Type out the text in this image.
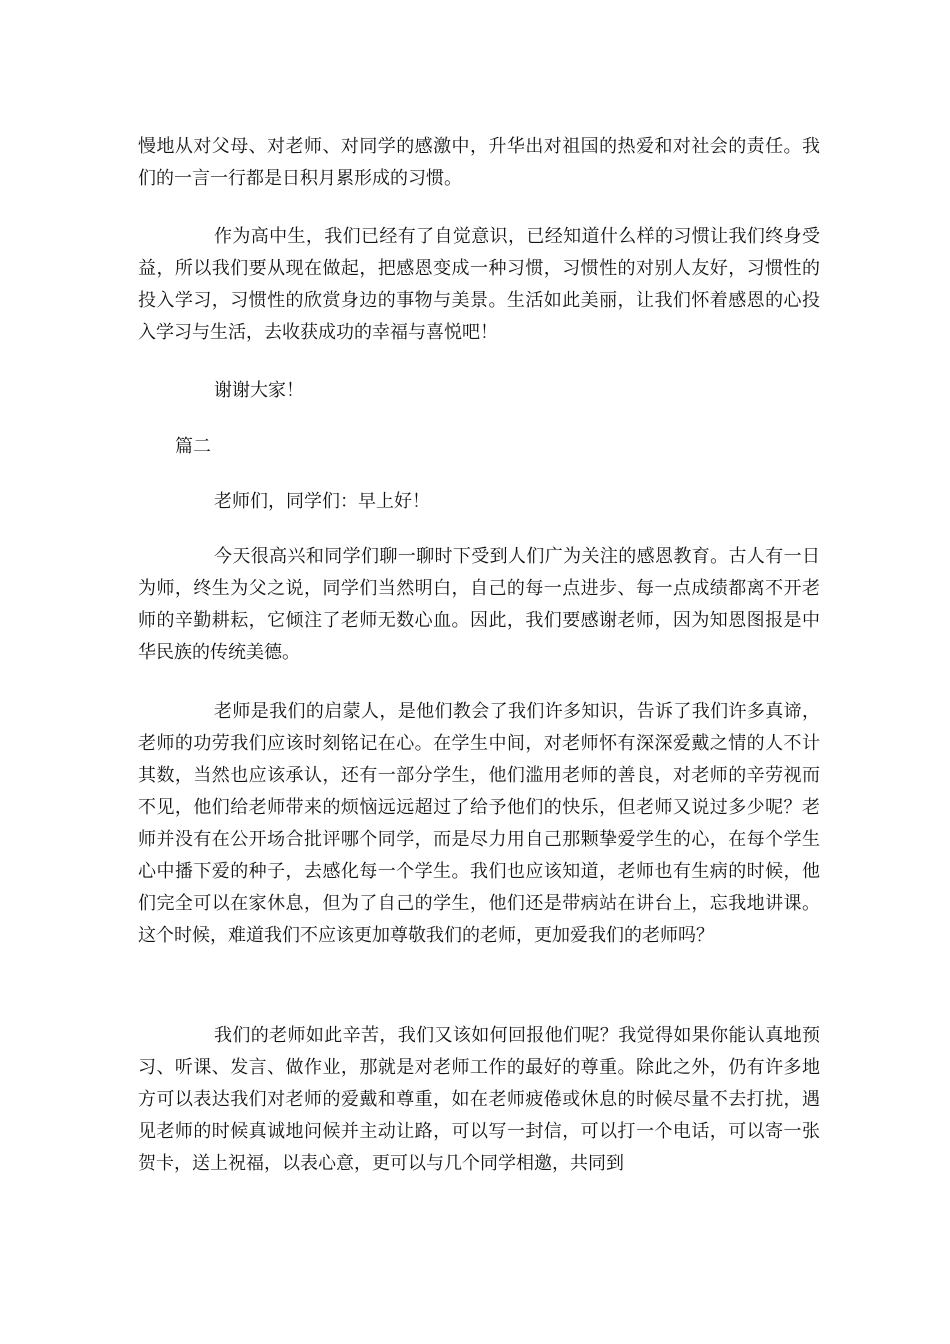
慢地从对父母、对老师、对同学的感激中，升华出对祖国的热爱和对社会的责任。我们的一言一行都是日积月累形成的习惯。

作为高中生，我们已经有了自觉意识，已经知道什么样的习惯让我们终身受益，所以我们要从现在做起，把感恩变成一种习惯，习惯性的对别人友好，习惯性的投入学习，习惯性的欣赏身边的事物与美景。生活如此美丽，让我们怀着感恩的心投入学习与生活，去收获成功的幸福与喜悦吧！

谢谢大家！

篇二

老师们，同学们：早上好！

今天很高兴和同学们聊一聊时下受到人们广为关注的感恩教育。古人有一日为师，终生为父之说，同学们当然明白，自己的每一点进步、每一点成绩都离不开老师的辛勤耕耘，它倾注了老师无数心血。因此，我们要感谢老师，因为知恩图报是中华民族的传统美德。

老师是我们的启蒙人，是他们教会了我们许多知识，告诉了我们许多真谛，老师的功劳我们应该时刻铭记在心。在学生中间，对老师怀有深深爱戴之情的人不计其数，当然也应该承认，还有一部分学生，他们滥用老师的善良，对老师的辛劳视而不见，他们给老师带来的烦恼远远超过了给予他们的快乐，但老师又说过多少呢？老师并没有在公开场合批评哪个同学，而是尽力用自己那颗挚爱学生的心，在每个学生心中播下爱的种子，去感化每一个学生。我们也应该知道，老师也有生病的时候，他们完全可以在家休息，但为了自己的学生，他们还是带病站在讲台上，忘我地讲课。这个时候，难道我们不应该更加尊敬我们的老师，更加爱我们的老师吗？

我们的老师如此辛苦，我们又该如何回报他们呢？我觉得如果你能认真地预习、听课、发言、做作业，那就是对老师工作的最好的尊重。除此之外，仍有许多地方可以表达我们对老师的爱戴和尊重，如在老师疲倦或休息的时候尽量不去打扰，遇见老师的时候真诚地问候并主动让路，可以写一封信，可以打一个电话，可以寄一张贺卡，送上祝福，以表心意，更可以与几个同学相邀，共同到
